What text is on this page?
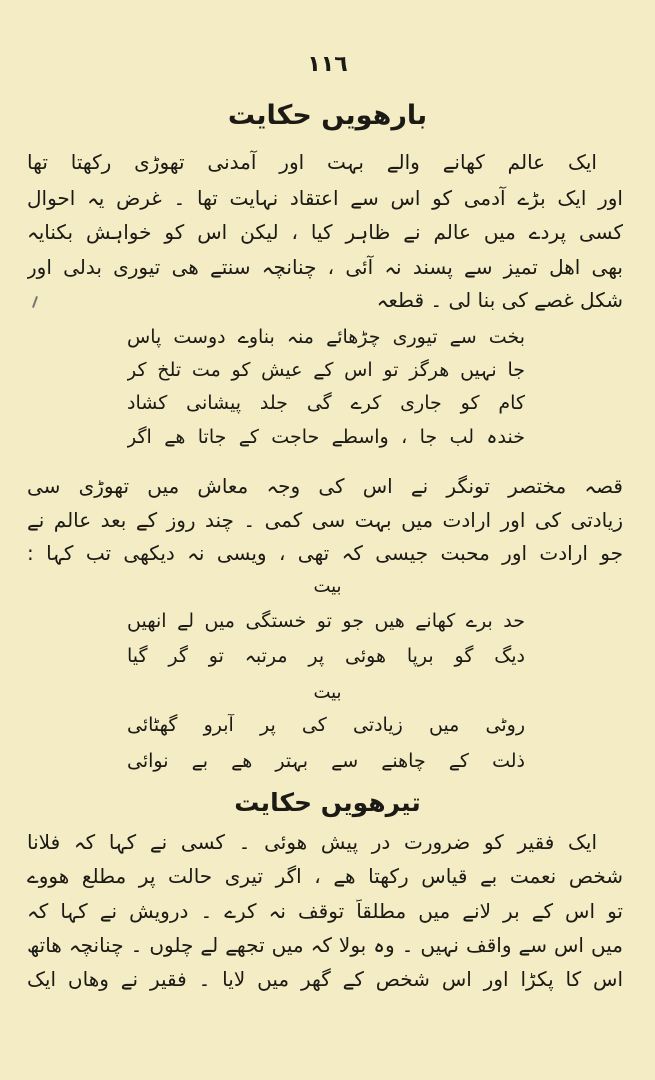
١١٦
بارھویں حکایت
ایک عالم کھانے والے بہت اور آمدنی تھوڑی رکھتا تھا
اور ایک بڑے آدمی کو اس سے اعتقاد نہایت تھا ۔ غرض یہ احوال
کسی پردے میں عالم نے ظاہر کیا ، لیکن اس کو خواہش بکنایہ
بھی اھل تمیز سے پسند نہ آئی ، چنانچہ سنتے ھی تیوری بدلی اور
شکل غصے کی بنا لی ۔ قطعہ
بخت سے تیوری چڑھائے منہ بناوے دوست پاس
جا نہیں ھرگز تو اس کے عیش کو مت تلخ کر
کام کو جاری کرے گی جلد پیشانی کشاد
خندہ لب جا ، واسطے حاجت کے جاتا ھے اگر
قصہ مختصر تونگر نے اس کی وجہ معاش میں تھوڑی سی
زیادتی کی اور ارادت میں بہت سی کمی ۔ چند روز کے بعد عالم نے
جو ارادت اور محبت جیسی کہ تھی ، ویسی نہ دیکھی تب کہا :
بیت
حد برے کھانے ھیں جو تو خستگی میں لے انھیں
دیگ گو برپا ھوئی پر مرتبہ تو گر گیا
بیت
روٹی میں زیادتی کی پر آبرو گھٹائی
ذلت کے چاھنے سے بہتر ھے بے نوائی
تیرھویں حکایت
ایک فقیر کو ضرورت در پیش ھوئی ۔ کسی نے کہا کہ فلانا
شخص نعمت بے قیاس رکھتا ھے ، اگر تیری حالت پر مطلع ھووے
تو اس کے بر لانے میں مطلقاً توقف نہ کرے ۔ درویش نے کہا کہ
میں اس سے واقف نہیں ۔ وہ بولا کہ میں تجھے لے چلوں ۔ چنانچہ ھاتھ
اس کا پکڑا اور اس شخص کے گھر میں لایا ۔ فقیر نے وھاں ایک
